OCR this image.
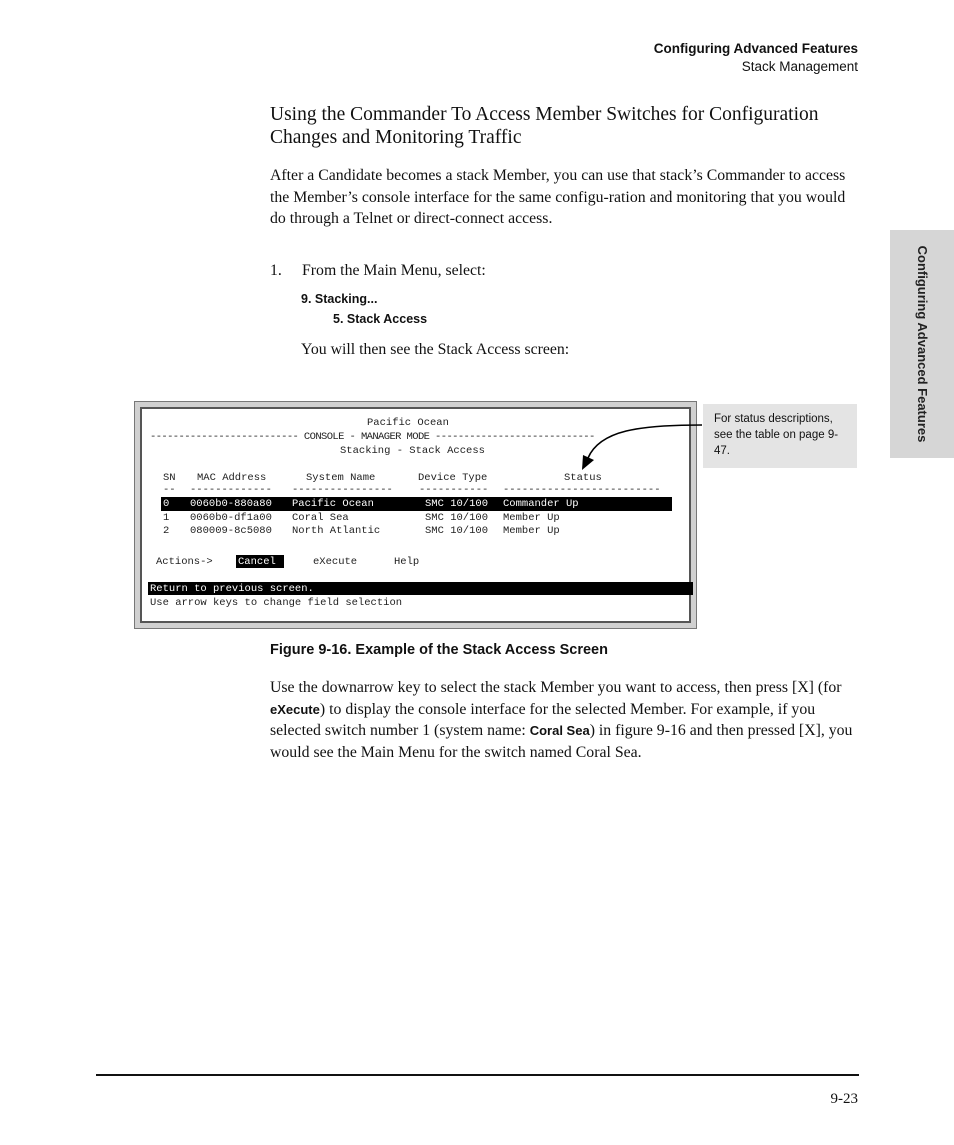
Configuring Advanced Features
Stack Management
Configuring Advanced Features
Using the Commander To Access Member Switches for Configuration Changes and Monitoring Traffic
After a Candidate becomes a stack Member, you can use that stack’s Commander to access the Member’s console interface for the same configu-ration and monitoring that you would do through a Telnet or direct-connect access.
1. From the Main Menu, select:
9. Stacking...
5. Stack Access
You will then see the Stack Access screen:
Pacific Ocean
-------------------------- CONSOLE - MANAGER MODE ----------------------------
Stacking - Stack Access
SN MAC Address	System Name	Device Type	Status
-- ------------- ---------------- ----------- -------------------------
0 0060b0-880a80 Pacific Ocean	SMC 10/100 Commander Up
1 0060b0-df1a00 Coral Sea	SMC 10/100 Member Up
2 080009-8c5080 North Atlantic	SMC 10/100 Member Up
Actions-> Cancel	eXecute	Help
Return to previous screen.
Use arrow keys to change field selection
For status descriptions, see the table on page 9-47.
Figure 9-16. Example of the Stack Access Screen
Use the downarrow key to select the stack Member you want to access, then press [X] (for eXecute) to display the console interface for the selected Member. For example, if you selected switch number 1 (system name: Coral Sea) in figure 9-16 and then pressed [X], you would see the Main Menu for the switch named Coral Sea.
9-23
